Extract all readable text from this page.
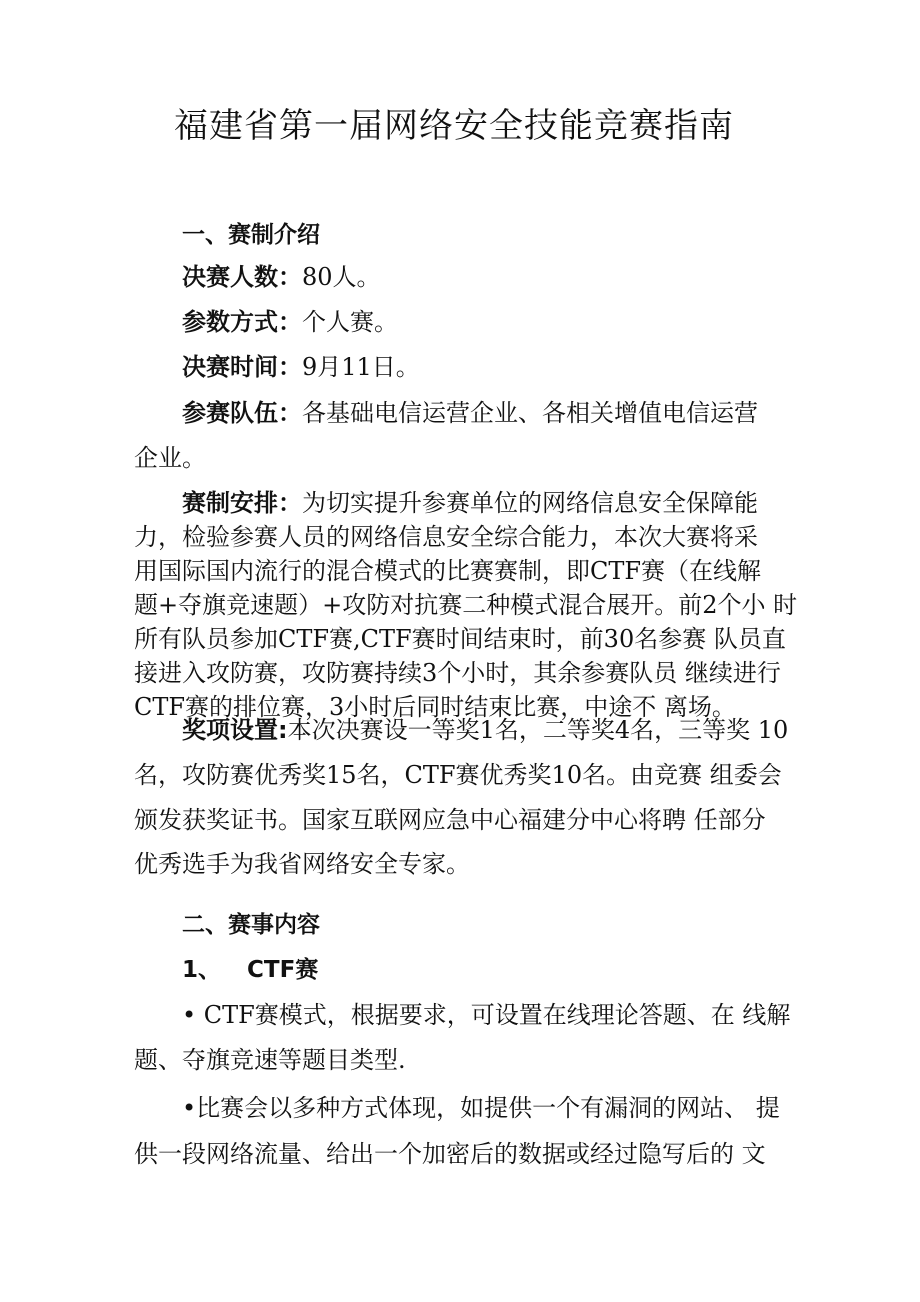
福建省第一届网络安全技能竞赛指南
一、赛制介绍
决赛人数：80人。
参数方式：个人赛。
决赛时间：9月11日。
参赛队伍：各基础电信运营企业、各相关增值电信运营
企业。
赛制安排：为切实提升参赛单位的网络信息安全保障能
力，检验参赛人员的网络信息安全综合能力，本次大赛将采
用国际国内流行的混合模式的比赛赛制，即CTF赛（在线解
题+夺旗竞速题）+攻防对抗赛二种模式混合展开。前2个小 时
所有队员参加CTF赛,CTF赛时间结束时，前30名参赛 队员直
接进入攻防赛，攻防赛持续3个小时，其余参赛队员 继续进行
CTF赛的排位赛，3小时后同时结束比赛，中途不 离场。
奖项设置:本次决赛设一等奖1名，二等奖4名，三等奖 10
名，攻防赛优秀奖15名，CTF赛优秀奖10名。由竞赛 组委会
颁发获奖证书。国家互联网应急中心福建分中心将聘 任部分
优秀选手为我省网络安全专家。
二、赛事内容
1、 CTF赛
• CTF赛模式，根据要求，可设置在线理论答题、在 线解
题、夺旗竞速等题目类型.
•比赛会以多种方式体现，如提供一个有漏洞的网站、 提
供一段网络流量、给出一个加密后的数据或经过隐写后的 文
